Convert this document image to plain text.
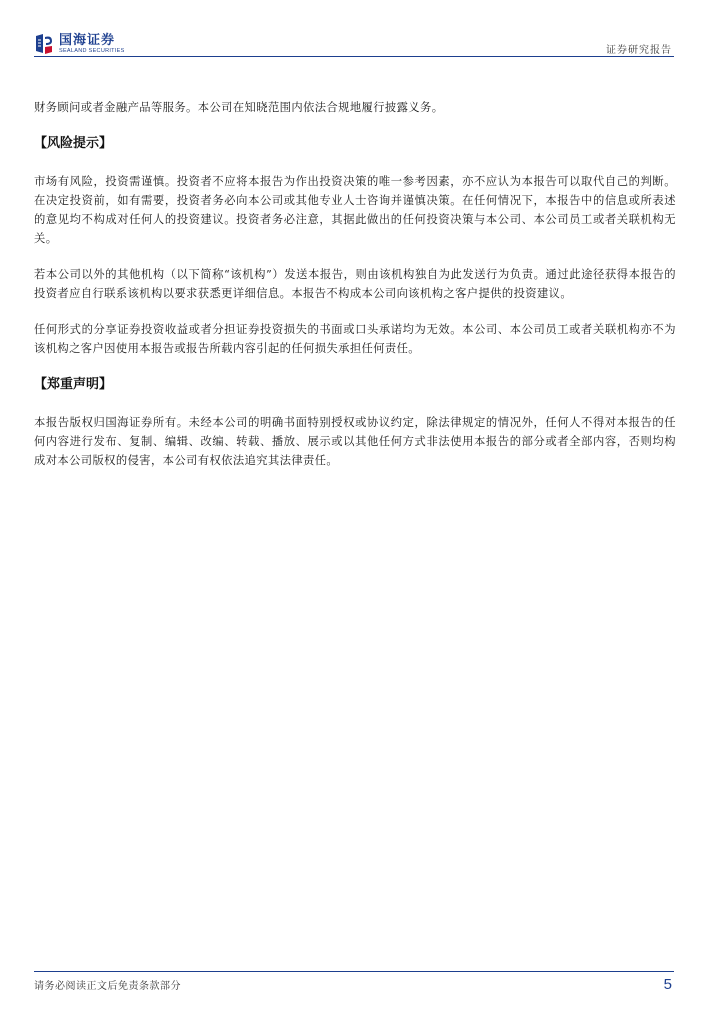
国海证券
SEALAND SECURITIES	证券研究报告

财务顾问或者金融产品等服务。本公司在知晓范围内依法合规地履行披露义务。

【风险提示】

市场有风险，投资需谨慎。投资者不应将本报告为作出投资决策的唯一参考因素，亦不应认为本报告可以取代自己的判断。在决定投资前，如有需要，投资者务必向本公司或其他专业人士咨询并谨慎决策。在任何情况下，本报告中的信息或所表述的意见均不构成对任何人的投资建议。投资者务必注意，其据此做出的任何投资决策与本公司、本公司员工或者关联机构无关。

若本公司以外的其他机构（以下简称“该机构”）发送本报告，则由该机构独自为此发送行为负责。通过此途径获得本报告的投资者应自行联系该机构以要求获悉更详细信息。本报告不构成本公司向该机构之客户提供的投资建议。

任何形式的分享证券投资收益或者分担证券投资损失的书面或口头承诺均为无效。本公司、本公司员工或者关联机构亦不为该机构之客户因使用本报告或报告所载内容引起的任何损失承担任何责任。

【郑重声明】

本报告版权归国海证券所有。未经本公司的明确书面特别授权或协议约定，除法律规定的情况外，任何人不得对本报告的任何内容进行发布、复制、编辑、改编、转载、播放、展示或以其他任何方式非法使用本报告的部分或者全部内容，否则均构成对本公司版权的侵害，本公司有权依法追究其法律责任。

请务必阅读正文后免责条款部分	5
